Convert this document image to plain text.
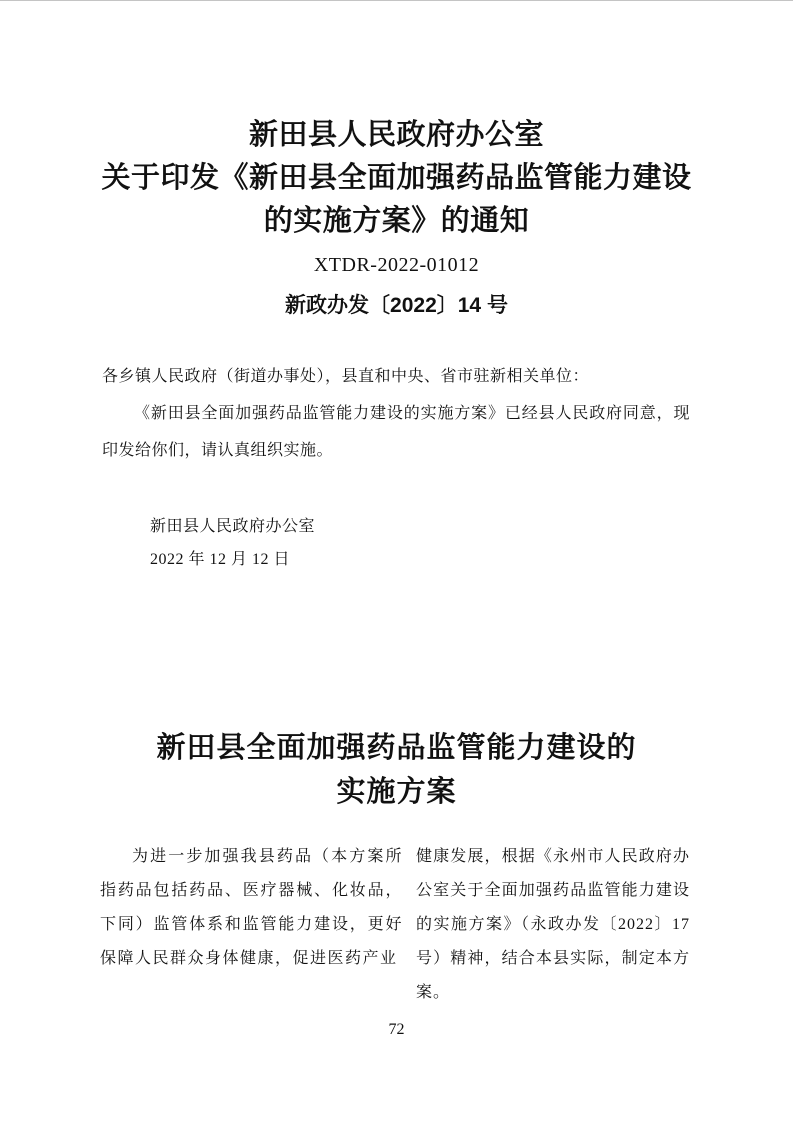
新田县人民政府办公室
关于印发《新田县全面加强药品监管能力建设
的实施方案》的通知
XTDR-2022-01012
新政办发〔2022〕14 号

各乡镇人民政府（街道办事处），县直和中央、省市驻新相关单位：

《新田县全面加强药品监管能力建设的实施方案》已经县人民政府同意，现印发给你们，请认真组织实施。

新田县人民政府办公室
2022 年 12 月 12 日
新田县全面加强药品监管能力建设的
实施方案

为进一步加强我县药品（本方案所指药品包括药品、医疗器械、化妆品，下同）监管体系和监管能力建设，更好保障人民群众身体健康，促进医药产业

健康发展，根据《永州市人民政府办公室关于全面加强药品监管能力建设的实施方案》（永政办发〔2022〕17 号）精神，结合本县实际，制定本方案。

72
